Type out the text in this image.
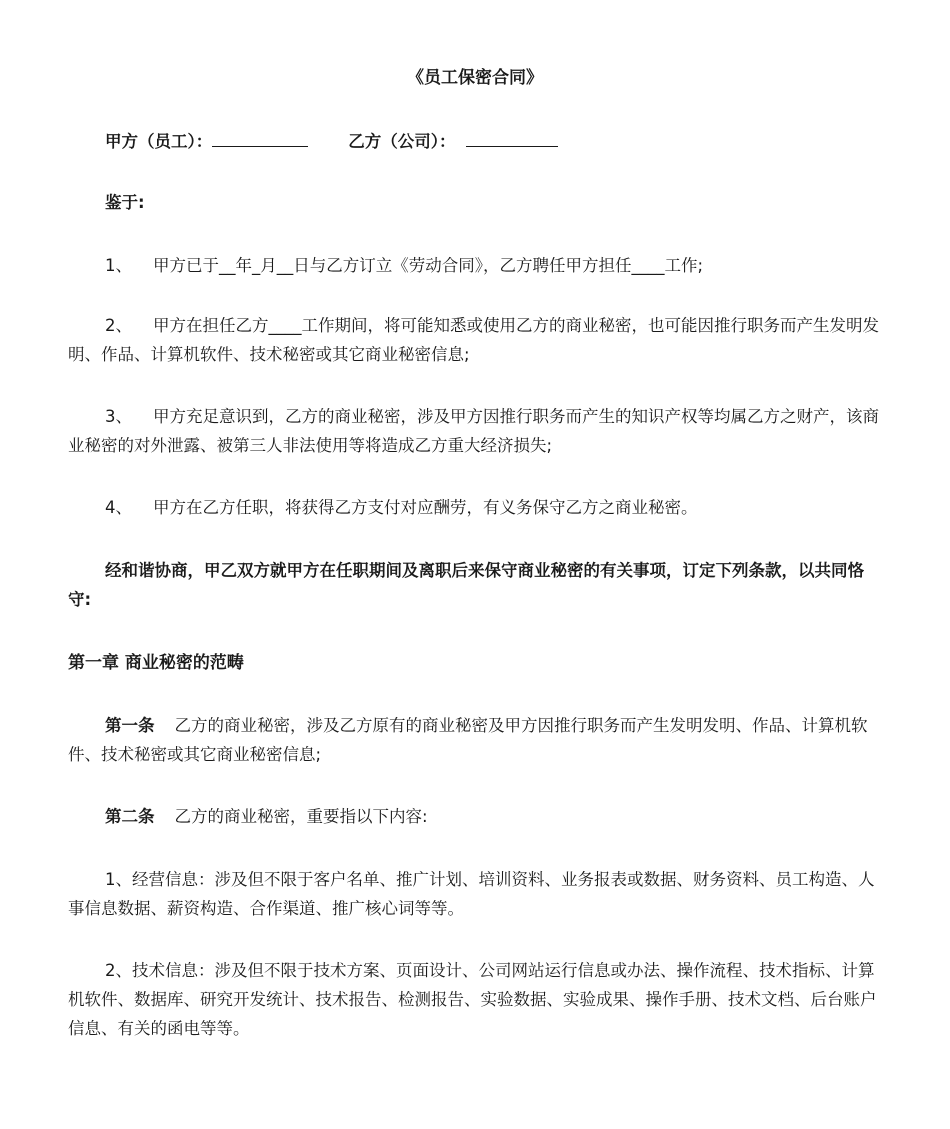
《员工保密合同》
甲方（员工）：	乙方（公司）：
鉴于:
1、 甲方已于__年_月__日与乙方订立《劳动合同》，乙方聘任甲方担任____工作;
2、 甲方在担任乙方____工作期间，将可能知悉或使用乙方的商业秘密，也可能因推行职务而产生发明发明、作品、计算机软件、技术秘密或其它商业秘密信息;
3、 甲方充足意识到，乙方的商业秘密，涉及甲方因推行职务而产生的知识产权等均属乙方之财产，该商业秘密的对外泄露、被第三人非法使用等将造成乙方重大经济损失;
4、 甲方在乙方任职，将获得乙方支付对应酬劳，有义务保守乙方之商业秘密。
经和谐协商，甲乙双方就甲方在任职期间及离职后来保守商业秘密的有关事项，订定下列条款，以共同恪守:
第一章 商业秘密的范畴
第一条 乙方的商业秘密，涉及乙方原有的商业秘密及甲方因推行职务而产生发明发明、作品、计算机软件、技术秘密或其它商业秘密信息;
第二条 乙方的商业秘密，重要指以下内容:
1、经营信息：涉及但不限于客户名单、推广计划、培训资料、业务报表或数据、财务资料、员工构造、人事信息数据、薪资构造、合作渠道、推广核心词等等。
2、技术信息：涉及但不限于技术方案、页面设计、公司网站运行信息或办法、操作流程、技术指标、计算机软件、数据库、研究开发统计、技术报告、检测报告、实验数据、实验成果、操作手册、技术文档、后台账户信息、有关的函电等等。
